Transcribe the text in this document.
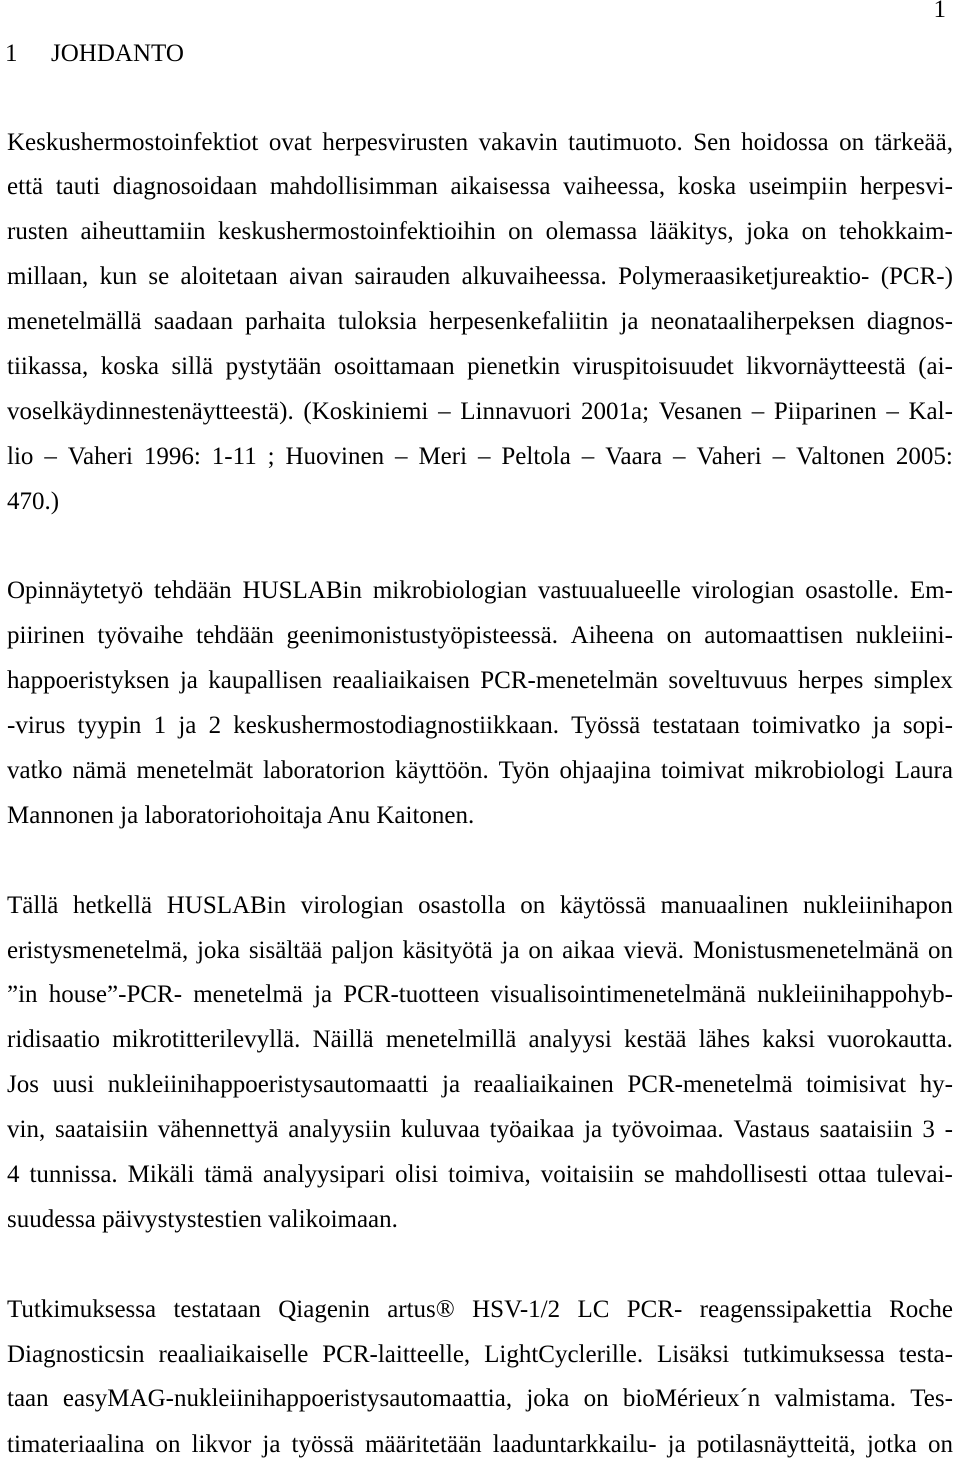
1
1 JOHDANTO
Keskushermostoinfektiot ovat herpesvirusten vakavin tautimuoto. Sen hoidossa on tärkeää,
että tauti diagnosoidaan mahdollisimman aikaisessa vaiheessa, koska useimpiin herpesvi-
rusten aiheuttamiin keskushermostoinfektioihin on olemassa lääkitys, joka on tehokkaim-
millaan, kun se aloitetaan aivan sairauden alkuvaiheessa. Polymeraasiketjureaktio- (PCR-)
menetelmällä saadaan parhaita tuloksia herpesenkefaliitin ja neonataaliherpeksen diagnos-
tiikassa, koska sillä pystytään osoittamaan pienetkin viruspitoisuudet likvornäytteestä (ai-
voselkäydinnestenäytteestä). (Koskiniemi – Linnavuori 2001a; Vesanen – Piiparinen – Kal-
lio – Vaheri 1996: 1-11 ; Huovinen – Meri – Peltola – Vaara – Vaheri – Valtonen 2005:
470.)
Opinnäytetyö tehdään HUSLABin mikrobiologian vastuualueelle virologian osastolle. Em-
piirinen työvaihe tehdään geenimonistustyöpisteessä. Aiheena on automaattisen nukleiini-
happoeristyksen ja kaupallisen reaaliaikaisen PCR-menetelmän soveltuvuus herpes simplex
-virus tyypin 1 ja 2 keskushermostodiagnostiikkaan. Työssä testataan toimivatko ja sopi-
vatko nämä menetelmät laboratorion käyttöön. Työn ohjaajina toimivat mikrobiologi Laura
Mannonen ja laboratoriohoitaja Anu Kaitonen.
Tällä hetkellä HUSLABin virologian osastolla on käytössä manuaalinen nukleiinihapon
eristysmenetelmä, joka sisältää paljon käsityötä ja on aikaa vievä. Monistusmenetelmänä on
”in house”-PCR- menetelmä ja PCR-tuotteen visualisointimenetelmänä nukleiinihappohyb-
ridisaatio mikrotitterilevyllä. Näillä menetelmillä analyysi kestää lähes kaksi vuorokautta.
Jos uusi nukleiinihappoeristysautomaatti ja reaaliaikainen PCR-menetelmä toimisivat hy-
vin, saataisiin vähennettyä analyysiin kuluvaa työaikaa ja työvoimaa. Vastaus saataisiin 3 -
4 tunnissa. Mikäli tämä analyysipari olisi toimiva, voitaisiin se mahdollisesti ottaa tulevai-
suudessa päivystystestien valikoimaan.
Tutkimuksessa testataan Qiagenin artus® HSV-1/2 LC PCR- reagenssipakettia Roche
Diagnosticsin reaaliaikaiselle PCR-laitteelle, LightCyclerille. Lisäksi tutkimuksessa testa-
taan easyMAG-nukleiinihappoeristysautomaattia, joka on bioMérieux´n valmistama. Tes-
timateriaalina on likvor ja työssä määritetään laaduntarkkailu- ja potilasnäytteitä, jotka on
